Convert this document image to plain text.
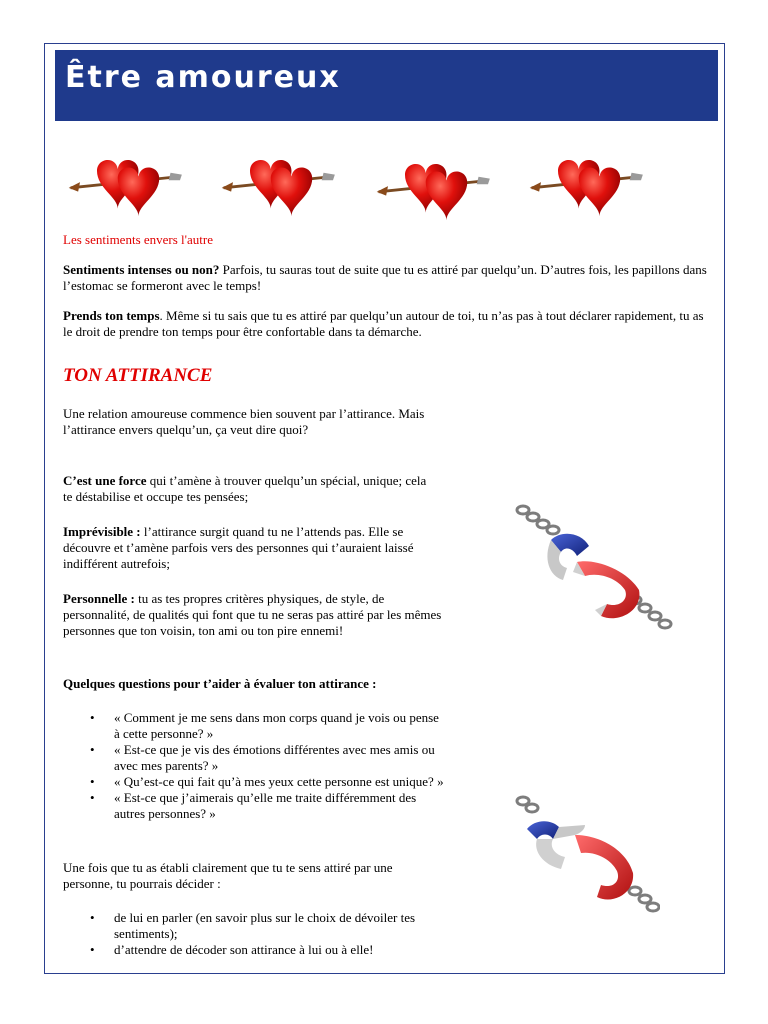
Être amoureux
Les sentiments envers l'autre

Sentiments intenses ou non? Parfois, tu sauras tout de suite que tu es attiré par quelqu’un. D’autres fois, les papillons dans l’estomac se formeront avec le temps!

Prends ton temps. Même si tu sais que tu es attiré par quelqu’un autour de toi, tu n’as pas à tout déclarer rapidement, tu as le droit de prendre ton temps pour être confortable dans ta démarche.

TON ATTIRANCE

Une relation amoureuse commence bien souvent par l’attirance. Mais l’attirance envers quelqu’un, ça veut dire quoi?

C’est une force qui t’amène à trouver quelqu’un spécial, unique; cela te déstabilise et occupe tes pensées;

Imprévisible : l’attirance surgit quand tu ne l’attends pas. Elle se découvre et t’amène parfois vers des personnes qui t’auraient laissé indifférent autrefois;

Personnelle : tu as tes propres critères physiques, de style, de personnalité, de qualités qui font que tu ne seras pas attiré par les mêmes personnes que ton voisin, ton ami ou ton pire ennemi!

Quelques questions pour t’aider à évaluer ton attirance :

• « Comment je me sens dans mon corps quand je vois ou pense à cette personne? »
• « Est-ce que je vis des émotions différentes avec mes amis ou avec mes parents? »
• « Qu’est-ce qui fait qu’à mes yeux cette personne est unique? »
• « Est-ce que j’aimerais qu’elle me traite différemment des autres personnes? »

Une fois que tu as établi clairement que tu te sens attiré par une personne, tu pourrais décider :

• de lui en parler (en savoir plus sur le choix de dévoiler tes sentiments);
• d’attendre de décoder son attirance à lui ou à elle!
